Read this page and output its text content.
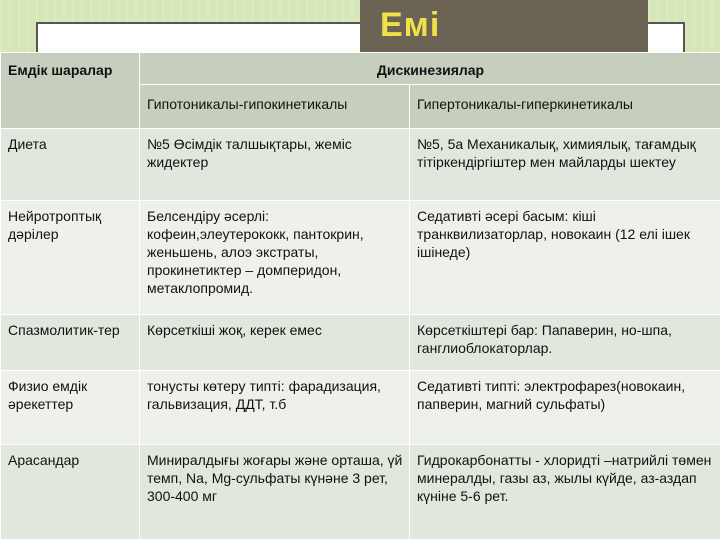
Емі
Емдік шаралар	Дискинезиялар	
	Гипотоникалы-гипокинетикалы	Гипертоникалы-гиперкинетикалы
Диета	№5 Өсімдік талшықтары, жеміс жидектер	№5, 5а Механикалық, химиялық, тағамдық тітіркендіргіштер мен майларды шектеу
Нейротроптық дәрілер	Белсендіру әсерлі: кофеин,элеутерококк, пантокрин, женьшень, алоэ экстраты, прокинетиктер – домперидон, метаклопромид.	Седативті әсері басым: кіші транквилизаторлар, новокаин (12 елі ішек ішінеде)
Спазмолитик-тер	Көрсеткіші жоқ, керек емес	Көрсеткіштері бар: Папаверин, но-шпа, ганглиоблокаторлар.
Физио емдік әрекеттер	тонусты көтеру типті: фарадизация, гальвизация, ДДТ, т.б	Седативті типті: электрофарез(новокаин, папверин, магний сульфаты)
Арасандар	Миниралдығы жоғары және орташа, үй темп, Na, Mg-сульфаты күнәне 3 рет, 300-400 мг	Гидрокарбонатты - хлоридті –натрийлі төмен минералды, газы аз, жылы күйде, аз-аздап күніне 5-6 рет.
